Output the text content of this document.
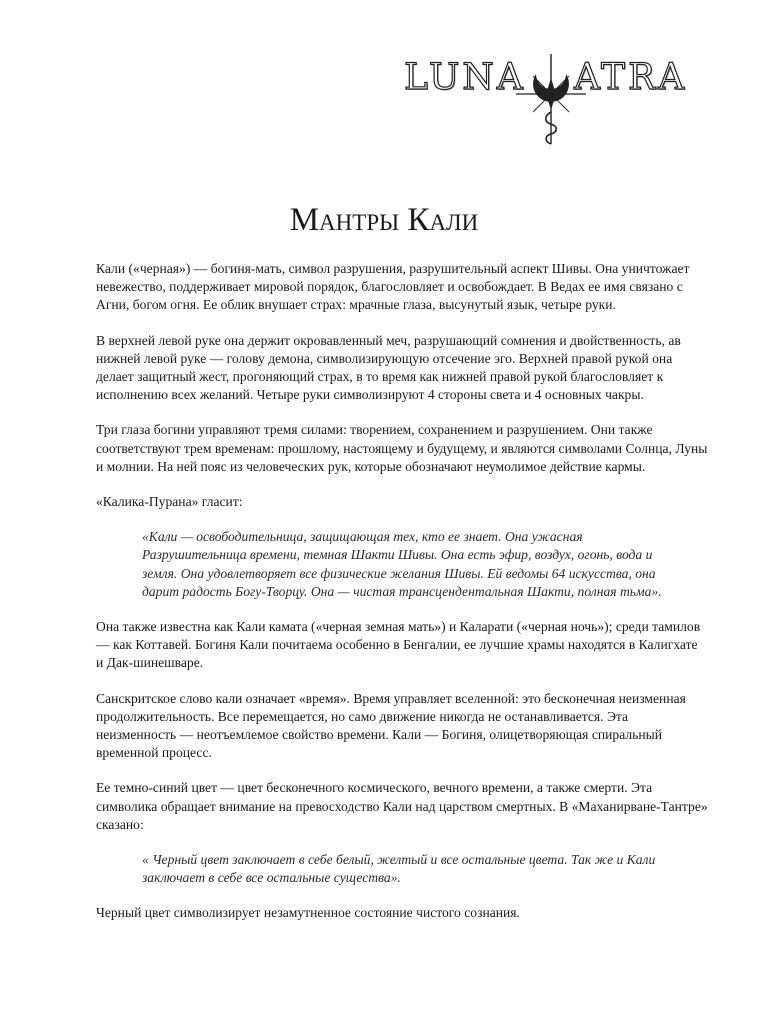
LUNA ATRA
Мантры Кали

Кали («черная») — богиня-мать, символ разрушения, разрушительный аспект Шивы. Она уничтожает невежество, поддерживает мировой порядок, благословляет и освобождает. В Ведах ее имя связано с Агни, богом огня. Ее облик внушает страх: мрачные глаза, высунутый язык, четыре руки.

В верхней левой руке она держит окровавленный меч, разрушающий сомнения и двойственность, ав нижней левой руке — голову демона, символизирующую отсечение эго. Верхней правой рукой она делает защитный жест, прогоняющий страх, в то время как нижней правой рукой благословляет к исполнению всех желаний. Четыре руки символизируют 4 стороны света и 4 основных чакры.

Три глаза богини управляют тремя силами: творением, сохранением и разрушением. Они также соответствуют трем временам: прошлому, настоящему и будущему, и являются символами Солнца, Луны и молнии. На ней пояс из человеческих рук, которые обозначают неумолимое действие кармы.

«Калика-Пурана» гласит:

«Кали — освободительница, защищающая тех, кто ее знает. Она ужасная Разрушительница времени, темная Шакти Шивы. Она есть эфир, воздух, огонь, вода и земля. Она удовлетворяет все физические желания Шивы. Ей ведомы 64 искусства, она дарит радость Богу-Творцу. Она — чистая трансцендентальная Шакти, полная тьма».

Она также известна как Кали камата («черная земная мать») и Каларати («черная ночь»); среди тамилов — как Коттавей. Богиня Кали почитаема особенно в Бенгалии, ее лучшие храмы находятся в Калигхате и Дак-шинешваре.

Санскритское слово кали означает «время». Время управляет вселенной: это бесконечная неизменная продолжительность. Все перемещается, но само движение никогда не останавливается. Эта неизменность — неотъемлемое свойство времени. Кали — Богиня, олицетворяющая спиральный временной процесс.

Ее темно-синий цвет — цвет бесконечного космического, вечного времени, а также смерти. Эта символика обращает внимание на превосходство Кали над царством смертных. В «Маханирване-Тантре» сказано:

« Черный цвет заключает в себе белый, желтый и все остальные цвета. Так же и Кали заключает в себе все остальные существа».

Черный цвет символизирует незамутненное состояние чистого сознания.
